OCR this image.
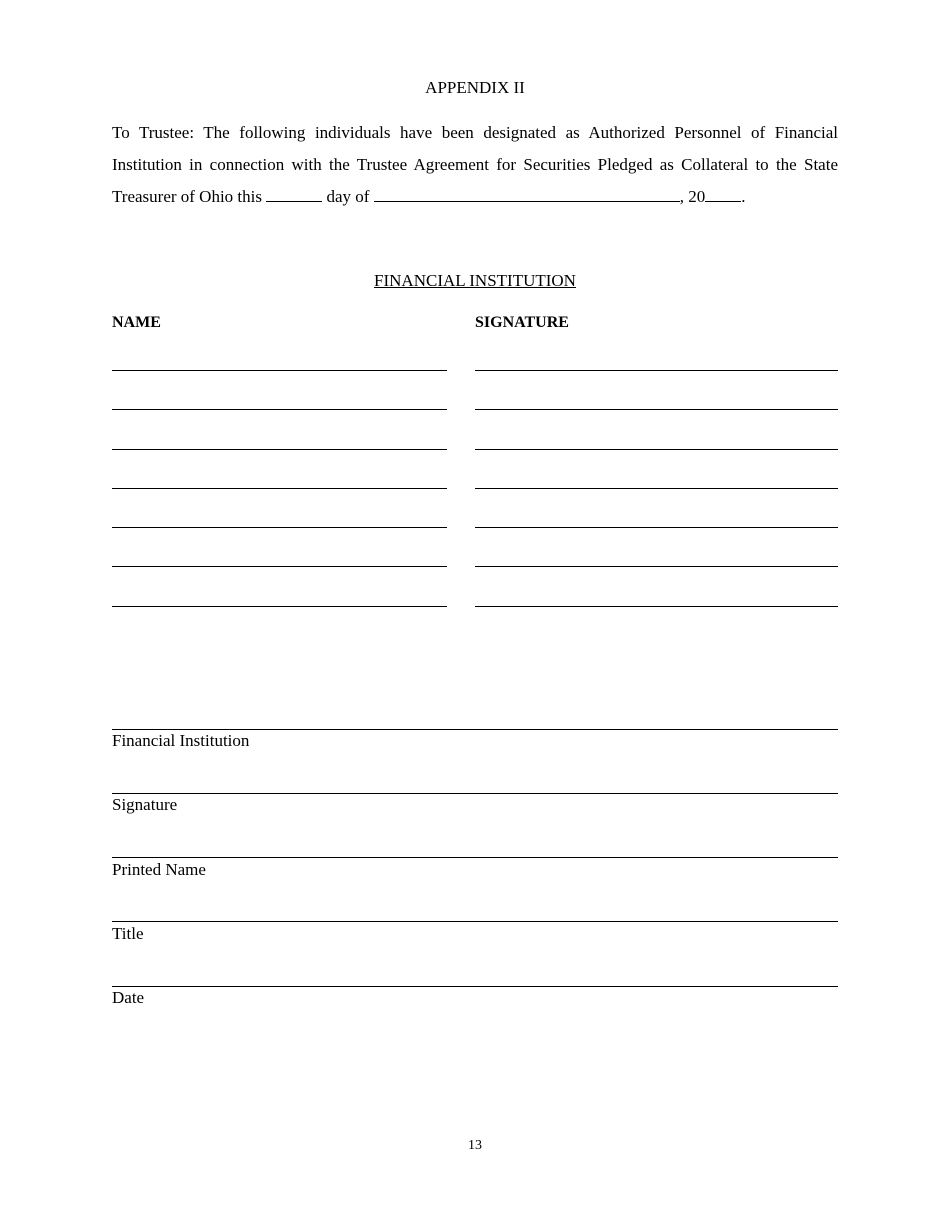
APPENDIX II
To Trustee: The following individuals have been designated as Authorized Personnel of Financial Institution in connection with the Trustee Agreement for Securities Pledged as Collateral to the State Treasurer of Ohio this	day of	, 20 .
FINANCIAL INSTITUTION
NAME	SIGNATURE
Financial Institution
Signature
Printed Name
Title
Date
13
